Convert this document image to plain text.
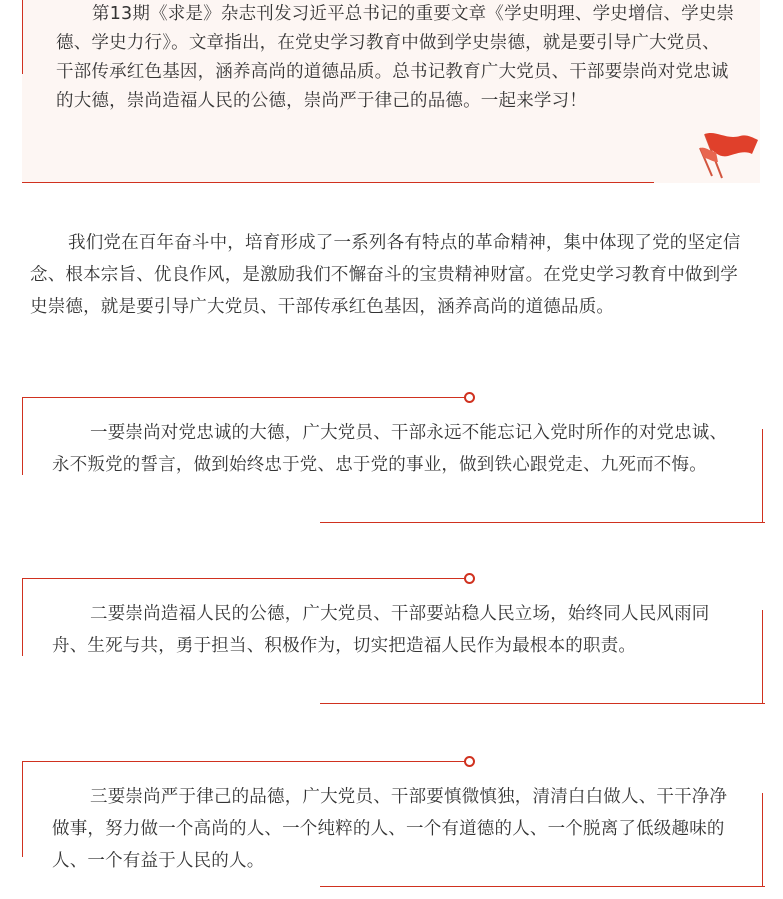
第13期《求是》杂志刊发习近平总书记的重要文章《学史明理、学史增信、学史崇德、学史力行》。文章指出，在党史学习教育中做到学史崇德，就是要引导广大党员、干部传承红色基因，涵养高尚的道德品质。总书记教育广大党员、干部要崇尚对党忠诚的大德，崇尚造福人民的公德，崇尚严于律己的品德。一起来学习！

我们党在百年奋斗中，培育形成了一系列各有特点的革命精神，集中体现了党的坚定信念、根本宗旨、优良作风，是激励我们不懈奋斗的宝贵精神财富。在党史学习教育中做到学史崇德，就是要引导广大党员、干部传承红色基因，涵养高尚的道德品质。

一要崇尚对党忠诚的大德，广大党员、干部永远不能忘记入党时所作的对党忠诚、永不叛党的誓言，做到始终忠于党、忠于党的事业，做到铁心跟党走、九死而不悔。

二要崇尚造福人民的公德，广大党员、干部要站稳人民立场，始终同人民风雨同舟、生死与共，勇于担当、积极作为，切实把造福人民作为最根本的职责。

三要崇尚严于律己的品德，广大党员、干部要慎微慎独，清清白白做人、干干净净做事，努力做一个高尚的人、一个纯粹的人、一个有道德的人、一个脱离了低级趣味的人、一个有益于人民的人。
